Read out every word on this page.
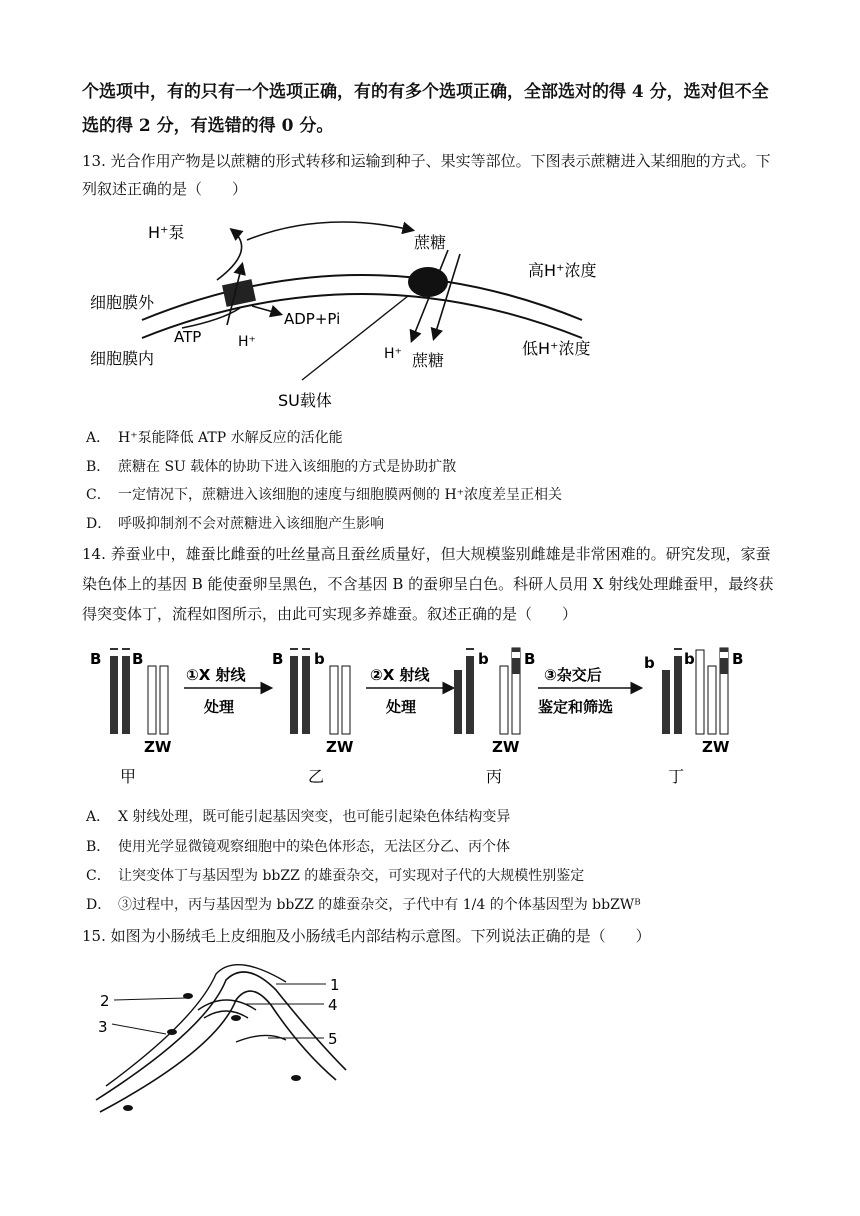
个选项中，有的只有一个选项正确，有的有多个选项正确，全部选对的得 4 分，选对但不全
选的得 2 分，有选错的得 0 分。
13. 光合作用产物是以蔗糖的形式转移和运输到种子、果实等部位。下图表示蔗糖进入某细胞的方式。下
列叙述正确的是（　　）
H⁺泵
蔗糖
细胞膜外
高H⁺浓度
ATP
ADP+Pi
H⁺
细胞膜内	H⁺ 蔗糖
低H⁺浓度
SU载体
A． H⁺泵能降低 ATP 水解反应的活化能
B． 蔗糖在 SU 载体的协助下进入该细胞的方式是协助扩散
C． 一定情况下，蔗糖进入该细胞的速度与细胞膜两侧的 H⁺浓度差呈正相关
D． 呼吸抑制剂不会对蔗糖进入该细胞产生影响
14. 养蚕业中，雄蚕比雌蚕的吐丝量高且蚕丝质量好，但大规模鉴别雌雄是非常困难的。研究发现，家蚕
染色体上的基因 B 能使蚕卵呈黑色，不含基因 B 的蚕卵呈白色。科研人员用 X 射线处理雌蚕甲，最终获
得突变体丁，流程如图所示，由此可实现多养雄蚕。叙述正确的是（　　）
B B
ZW
甲
①X 射线
处理
B b
ZW
乙
②X 射线
处理
b B
ZW
丙
③杂交后
鉴定和筛选
b b B
ZW
丁
A． X 射线处理，既可能引起基因突变，也可能引起染色体结构变异
B． 使用光学显微镜观察细胞中的染色体形态，无法区分乙、丙个体
C． 让突变体丁与基因型为 bbZZ 的雄蚕杂交，可实现对子代的大规模性别鉴定
D． ③过程中，丙与基因型为 bbZZ 的雄蚕杂交，子代中有 1/4 的个体基因型为 bbZWᴮ
15. 如图为小肠绒毛上皮细胞及小肠绒毛内部结构示意图。下列说法正确的是（　　）
1
2	4
3
5
